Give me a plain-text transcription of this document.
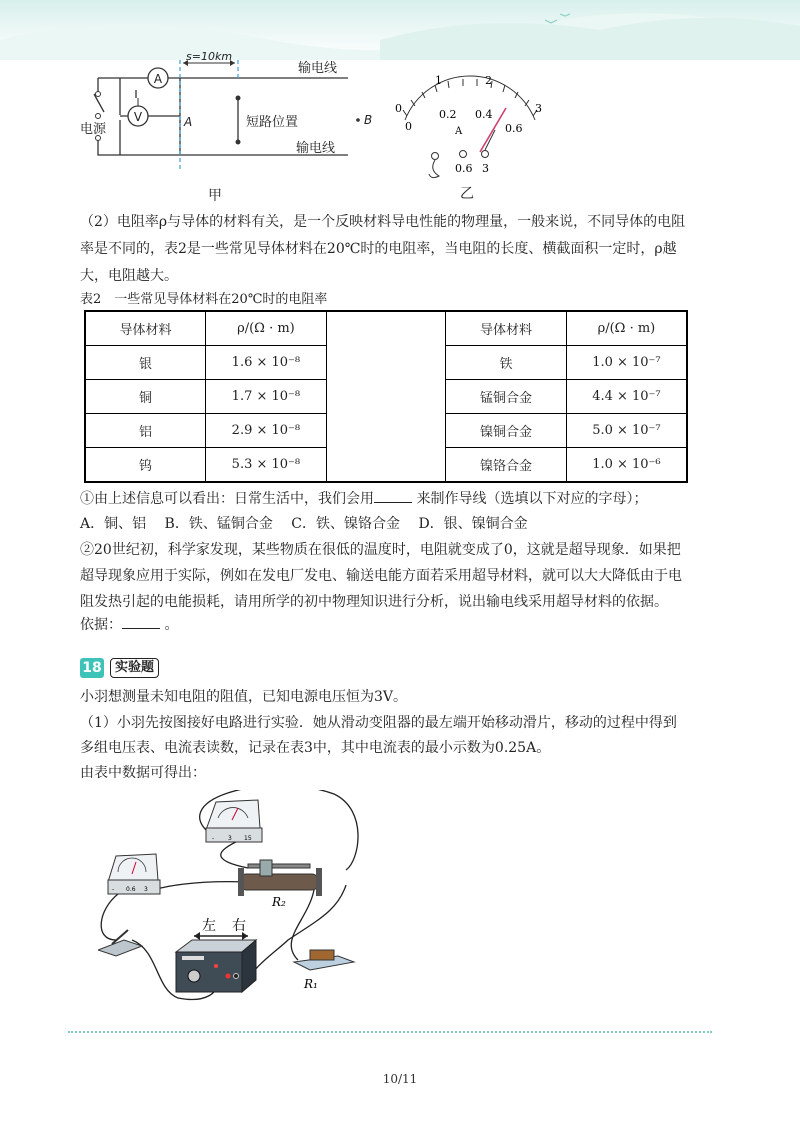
电源
A
V
s=10km
A
输电线
短路位置
输电线
B
甲
0
1	2
3
0
0.2 0.4
0.6
A
0.6 3
乙
（2）电阻率ρ与导体的材料有关，是一个反映材料导电性能的物理量，一般来说，不同导体的电阻
率是不同的，表2是一些常见导体材料在20℃时的电阻率，当电阻的长度、横截面积一定时，ρ越
大，电阻越大。
表2　一些常见导体材料在20℃时的电阻率
导体材料	ρ/(Ω · m)		导体材料	ρ/(Ω · m)
银	1.6 × 10⁻⁸		铁	1.0 × 10⁻⁷
铜	1.7 × 10⁻⁸		锰铜合金	4.4 × 10⁻⁷
铝	2.9 × 10⁻⁸		镍铜合金	5.0 × 10⁻⁷
钨	5.3 × 10⁻⁸		镍铬合金	1.0 × 10⁻⁶
①由上述信息可以看出：日常生活中，我们会用	来制作导线（选填以下对应的字母）；
A．铜、铝　 B．铁、锰铜合金　 C．铁、镍铬合金　 D．银、镍铜合金
②20世纪初，科学家发现，某些物质在很低的温度时，电阻就变成了0，这就是超导现象．如果把
超导现象应用于实际，例如在发电厂发电、输送电能方面若采用超导材料，就可以大大降低由于电
阻发热引起的电能损耗，请用所学的初中物理知识进行分析，说出输电线采用超导材料的依据。
依据：	。
18	实验题
小羽想测量未知电阻的阻值，已知电源电压恒为3V。
（1）小羽先按图接好电路进行实验．她从滑动变阻器的最左端开始移动滑片，移动的过程中得到
多组电压表、电流表读数，记录在表3中，其中电流表的最小示数为0.25A。
由表中数据可得出：
- 3 15
- 0.6 3
R₂
左 右
R₁
10/11
